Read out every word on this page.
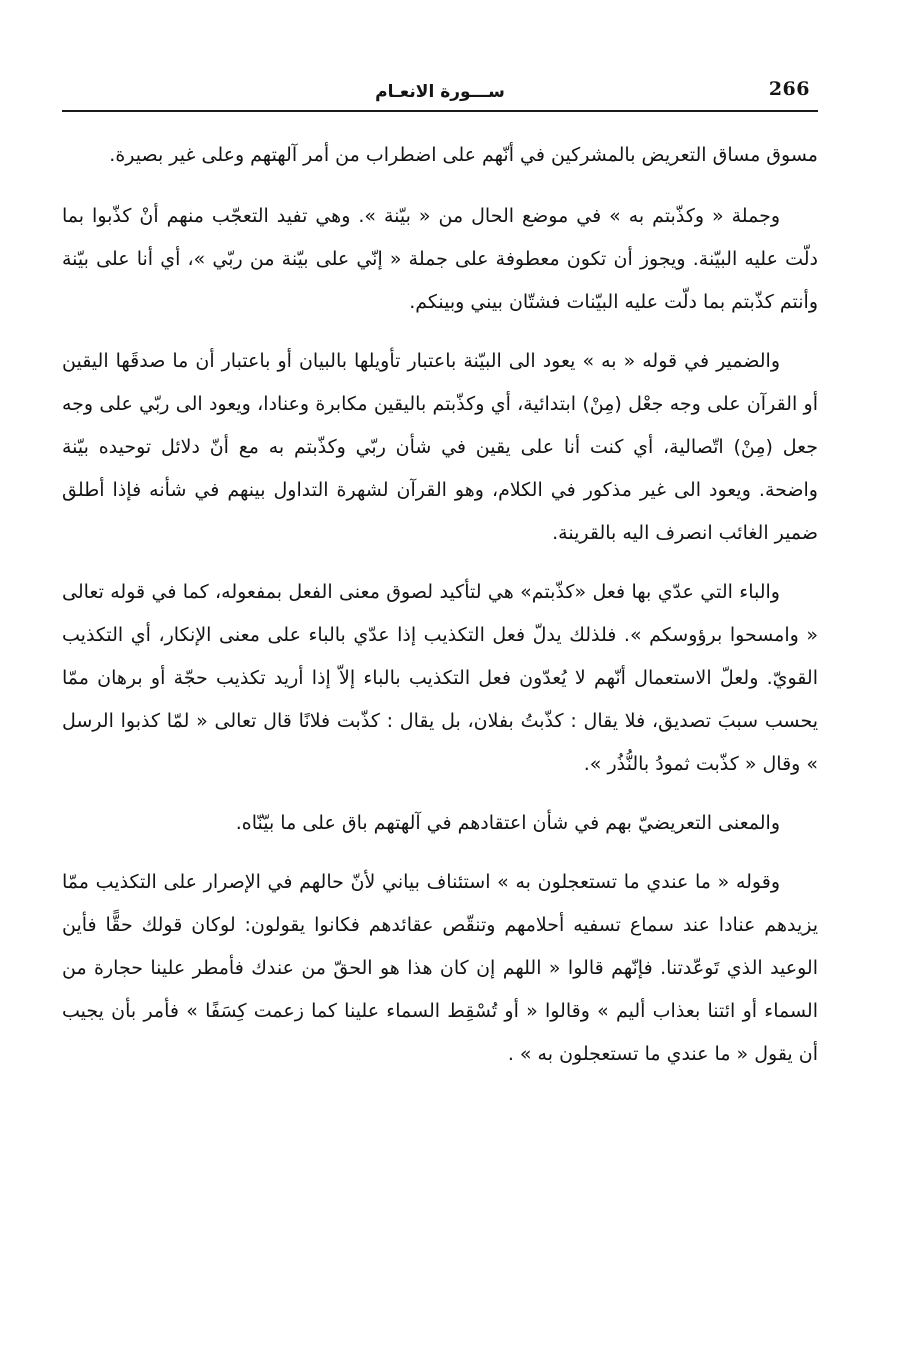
266
ســـورة الانعـام

مسوق مساق التعريض بالمشركين في أنّهم على اضطراب من أمر آلهتهم وعلى غير بصيرة.

وجملة « وكذّبتم به » في موضع الحال من « بيّنة ». وهي تفيد التعجّب منهم أنْ كذّبوا بما دلّت عليه البيّنة. ويجوز أن تكون معطوفة على جملة « إنّي على بيّنة من ربّي »، أي أنا على بيّنة وأنتم كذّبتم بما دلّت عليه البيّنات فشتّان بيني وبينكم.

والضمير في قوله « به » يعود الى البيّنة باعتبار تأويلها بالبيان أو باعتبار أن ما صدقَها اليقين أو القرآن على وجه جعْل (مِنْ) ابتدائية، أي وكذّبتم باليقين مكابرة وعنادا، ويعود الى ربّي على وجه جعل (مِنْ) اتّصالية، أي كنت أنا على يقين في شأن ربّي وكذّبتم به مع أنّ دلائل توحيده بيّنة واضحة. ويعود الى غير مذكور في الكلام، وهو القرآن لشهرة التداول بينهم في شأنه فإذا أطلق ضمير الغائب انصرف اليه بالقرينة.

والباء التي عدّي بها فعل «كذّبتم» هي لتأكيد لصوق معنى الفعل بمفعوله، كما في قوله تعالى « وامسحوا برؤوسكم ». فلذلك يدلّ فعل التكذيب إذا عدّي بالباء على معنى الإنكار، أي التكذيب القويّ. ولعلّ الاستعمال أنّهم لا يُعدّون فعل التكذيب بالباء إلاّ إذا أريد تكذيب حجّة أو برهان ممّا يحسب سببَ تصديق، فلا يقال : كذّبتُ بفلان، بل يقال : كذّبت فلانًا قال تعالى « لمّا كذبوا الرسل » وقال « كذّبت ثمودُ بالنُّذُر ».

والمعنى التعريضيّ بهم في شأن اعتقادهم في آلهتهم باق على ما بيّنّاه.

وقوله « ما عندي ما تستعجلون به » استئناف بياني لأنّ حالهم في الإصرار على التكذيب ممّا يزيدهم عنادا عند سماع تسفيه أحلامهم وتنقّص عقائدهم فكانوا يقولون: لوكان قولك حقًّا فأين الوعيد الذي تَوعّدتنا. فإنّهم قالوا « اللهم إن كان هذا هو الحقّ من عندك فأمطر علينا حجارة من السماء أو ائتنا بعذاب أليم » وقالوا « أو تُسْقِط السماء علينا كما زعمت كِسَفًا » فأمر بأن يجيب أن يقول « ما عندي ما تستعجلون به » .
